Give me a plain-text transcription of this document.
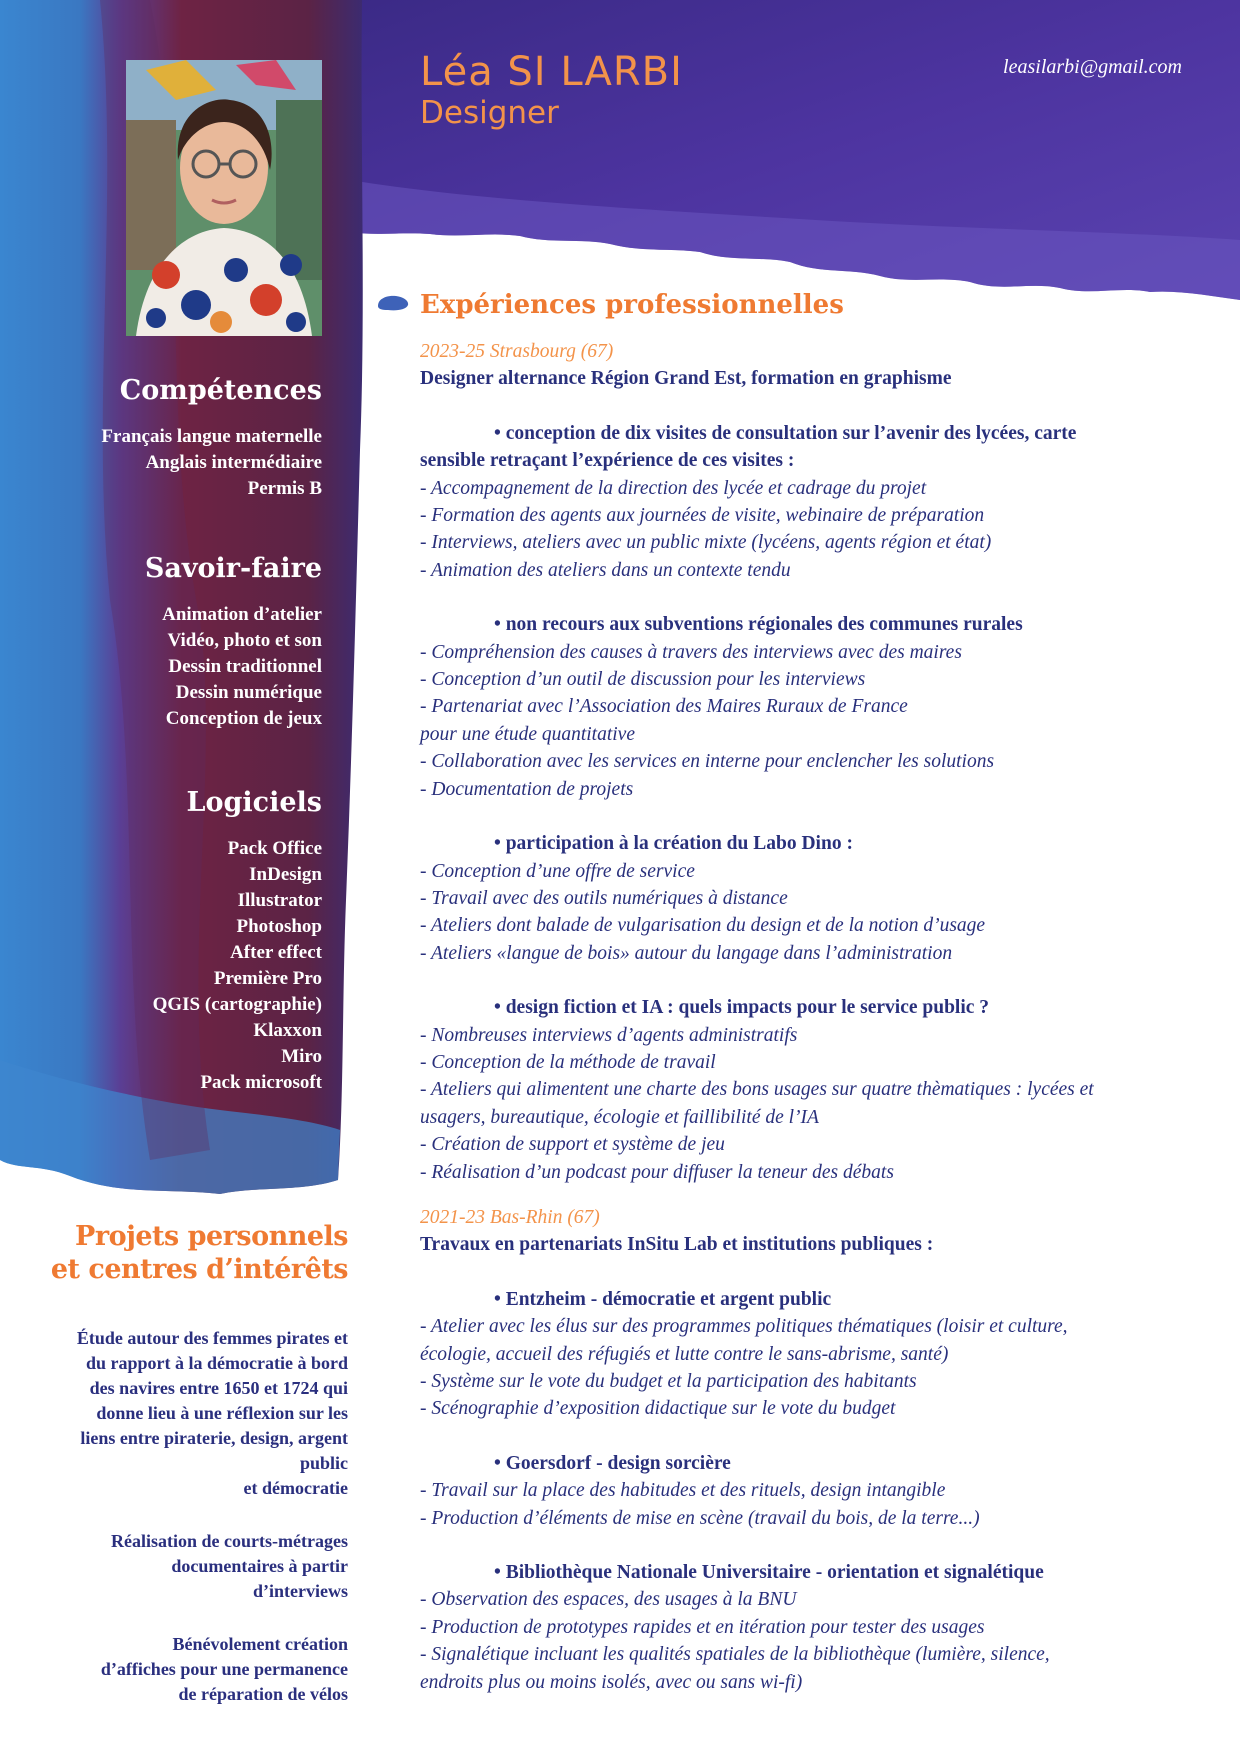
Léa SI LARBI
Designer
leasilarbi@gmail.com
Compétences
Français langue maternelle
Anglais intermédiaire
Permis B
Savoir-faire
Animation d’atelier
Vidéo, photo et son
Dessin traditionnel
Dessin numérique
Conception de jeux
Logiciels
Pack Office
InDesign
Illustrator
Photoshop
After effect
Première Pro
QGIS (cartographie)
Klaxxon
Miro
Pack microsoft
Projets personnels
et centres d’intérêts

Étude autour des femmes pirates et
du rapport à la démocratie à bord
des navires entre 1650 et 1724 qui
donne lieu à une réflexion sur les
liens entre piraterie, design, argent
public
et démocratie

Réalisation de courts-métrages
documentaires à partir
d’interviews

Bénévolement création
d’affiches pour une permanence
de réparation de vélos

Expériences professionnelles
2023-25 Strasbourg (67)
Designer alternance Région Grand Est, formation en graphisme
• conception de dix visites de consultation sur l’avenir des lycées, carte
sensible retraçant l’expérience de ces visites :
- Accompagnement de la direction des lycée et cadrage du projet
- Formation des agents aux journées de visite, webinaire de préparation
- Interviews, ateliers avec un public mixte (lycéens, agents région et état)
- Animation des ateliers dans un contexte tendu
• non recours aux subventions régionales des communes rurales
- Compréhension des causes à travers des interviews avec des maires
- Conception d’un outil de discussion pour les interviews
- Partenariat avec l’Association des Maires Ruraux de France
pour une étude quantitative
- Collaboration avec les services en interne pour enclencher les solutions
- Documentation de projets
• participation à la création du Labo Dino :
- Conception d’une offre de service
- Travail avec des outils numériques à distance
- Ateliers dont balade de vulgarisation du design et de la notion d’usage
- Ateliers «langue de bois» autour du langage dans l’administration
• design fiction et IA : quels impacts pour le service public ?
- Nombreuses interviews d’agents administratifs
- Conception de la méthode de travail
- Ateliers qui alimentent une charte des bons usages sur quatre thèmatiques : lycées et
usagers, bureautique, écologie et faillibilité de l’IA
- Création de support et système de jeu
- Réalisation d’un podcast pour diffuser la teneur des débats
2021-23 Bas-Rhin (67)
Travaux en partenariats InSitu Lab et institutions publiques :
• Entzheim - démocratie et argent public
- Atelier avec les élus sur des programmes politiques thématiques (loisir et culture,
écologie, accueil des réfugiés et lutte contre le sans-abrisme, santé)
- Système sur le vote du budget et la participation des habitants
- Scénographie d’exposition didactique sur le vote du budget
• Goersdorf - design sorcière
- Travail sur la place des habitudes et des rituels, design intangible
- Production d’éléments de mise en scène (travail du bois, de la terre...)
• Bibliothèque Nationale Universitaire - orientation et signalétique
- Observation des espaces, des usages à la BNU
- Production de prototypes rapides et en itération pour tester des usages
- Signalétique incluant les qualités spatiales de la bibliothèque (lumière, silence,
endroits plus ou moins isolés, avec ou sans wi-fi)
